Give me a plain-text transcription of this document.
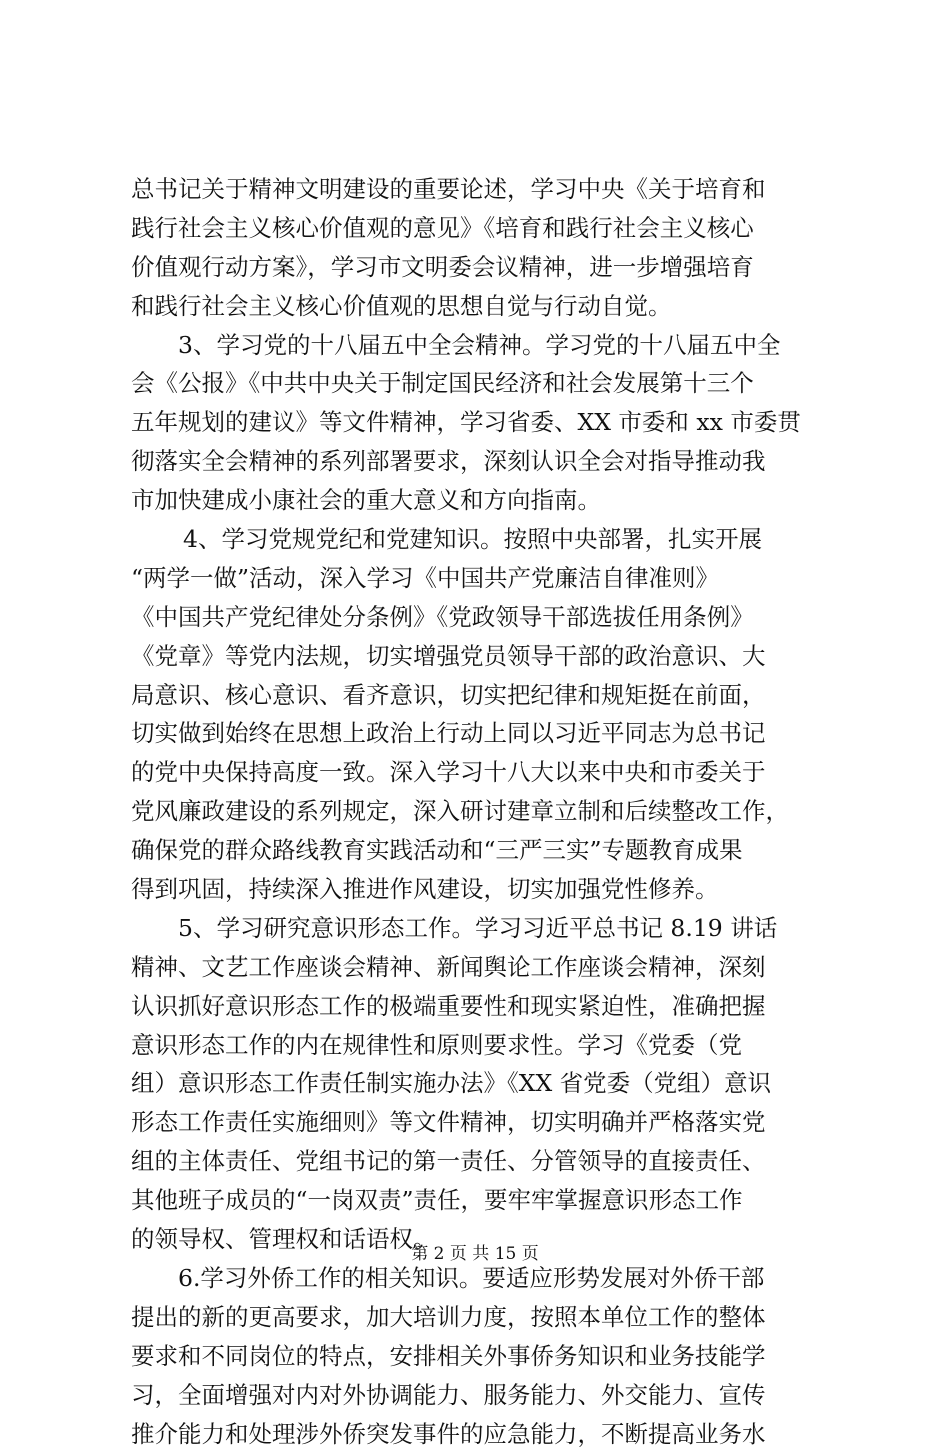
总书记关于精神文明建设的重要论述，学习中央《关于培育和
践行社会主义核心价值观的意见》《培育和践行社会主义核心
价值观行动方案》，学习市文明委会议精神，进一步增强培育
和践行社会主义核心价值观的思想自觉与行动自觉。
3、学习党的十八届五中全会精神。学习党的十八届五中全
会《公报》《中共中央关于制定国民经济和社会发展第十三个
五年规划的建议》等文件精神，学习省委、XX 市委和 xx 市委贯
彻落实全会精神的系列部署要求，深刻认识全会对指导推动我
市加快建成小康社会的重大意义和方向指南。
4、学习党规党纪和党建知识。按照中央部署，扎实开展
“两学一做”活动，深入学习《中国共产党廉洁自律准则》
《中国共产党纪律处分条例》《党政领导干部选拔任用条例》
《党章》等党内法规，切实增强党员领导干部的政治意识、大
局意识、核心意识、看齐意识，切实把纪律和规矩挺在前面，
切实做到始终在思想上政治上行动上同以习近平同志为总书记
的党中央保持高度一致。深入学习十八大以来中央和市委关于
党风廉政建设的系列规定，深入研讨建章立制和后续整改工作，
确保党的群众路线教育实践活动和“三严三实”专题教育成果
得到巩固，持续深入推进作风建设，切实加强党性修养。
5、学习研究意识形态工作。学习习近平总书记 8.19 讲话
精神、文艺工作座谈会精神、新闻舆论工作座谈会精神，深刻
认识抓好意识形态工作的极端重要性和现实紧迫性，准确把握
意识形态工作的内在规律性和原则要求性。学习《党委（党
组）意识形态工作责任制实施办法》《XX 省党委（党组）意识
形态工作责任实施细则》等文件精神，切实明确并严格落实党
组的主体责任、党组书记的第一责任、分管领导的直接责任、
其他班子成员的“一岗双责”责任，要牢牢掌握意识形态工作
的领导权、管理权和话语权。
6.学习外侨工作的相关知识。要适应形势发展对外侨干部
提出的新的更高要求，加大培训力度，按照本单位工作的整体
要求和不同岗位的特点，安排相关外事侨务知识和业务技能学
习，全面增强对内对外协调能力、服务能力、外交能力、宣传
推介能力和处理涉外侨突发事件的应急能力，不断提高业务水
第 2 页 共 15 页
